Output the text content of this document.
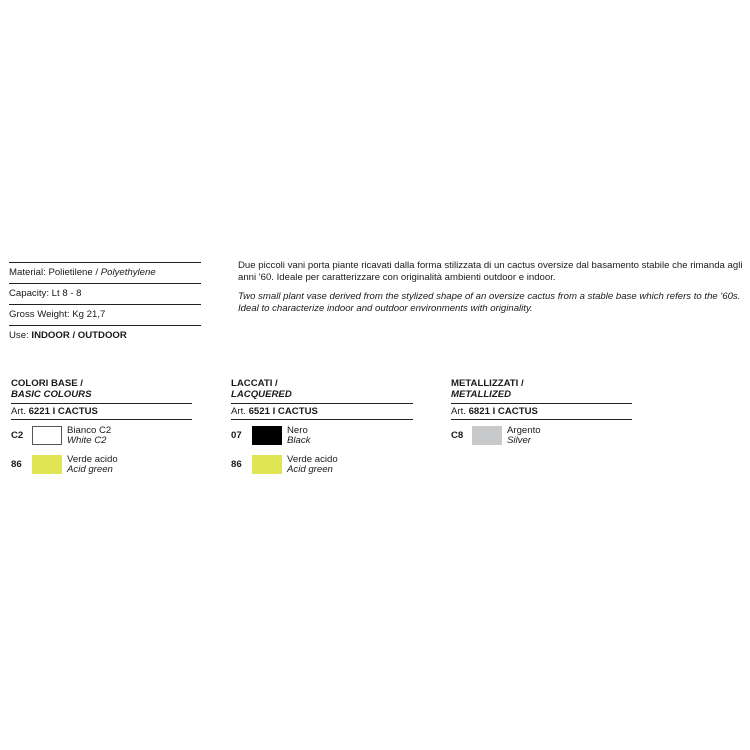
Material: Polietilene / Polyethylene
Capacity: Lt 8 - 8
Gross Weight: Kg 21,7
Use: INDOOR / OUTDOOR

Due piccoli vani porta piante ricavati dalla forma stilizzata di un cactus oversize dal basamento stabile che rimanda agli anni '60. Ideale per caratterizzare con originalità ambienti outdoor e indoor.

Two small plant vase derived from the stylized shape of an oversize cactus from a stable base which refers to the '60s. Ideal to characterize indoor and outdoor environments with originality.

COLORI BASE /
BASIC COLOURS
Art. 6221 I CACTUS
C2	Bianco C2
White C2
86	Verde acido
Acid green
LACCATI /
LACQUERED
Art. 6521 I CACTUS
07	Nero
Black
86	Verde acido
Acid green
METALLIZZATI /
METALLIZED
Art. 6821 I CACTUS
C8	Argento
Silver
